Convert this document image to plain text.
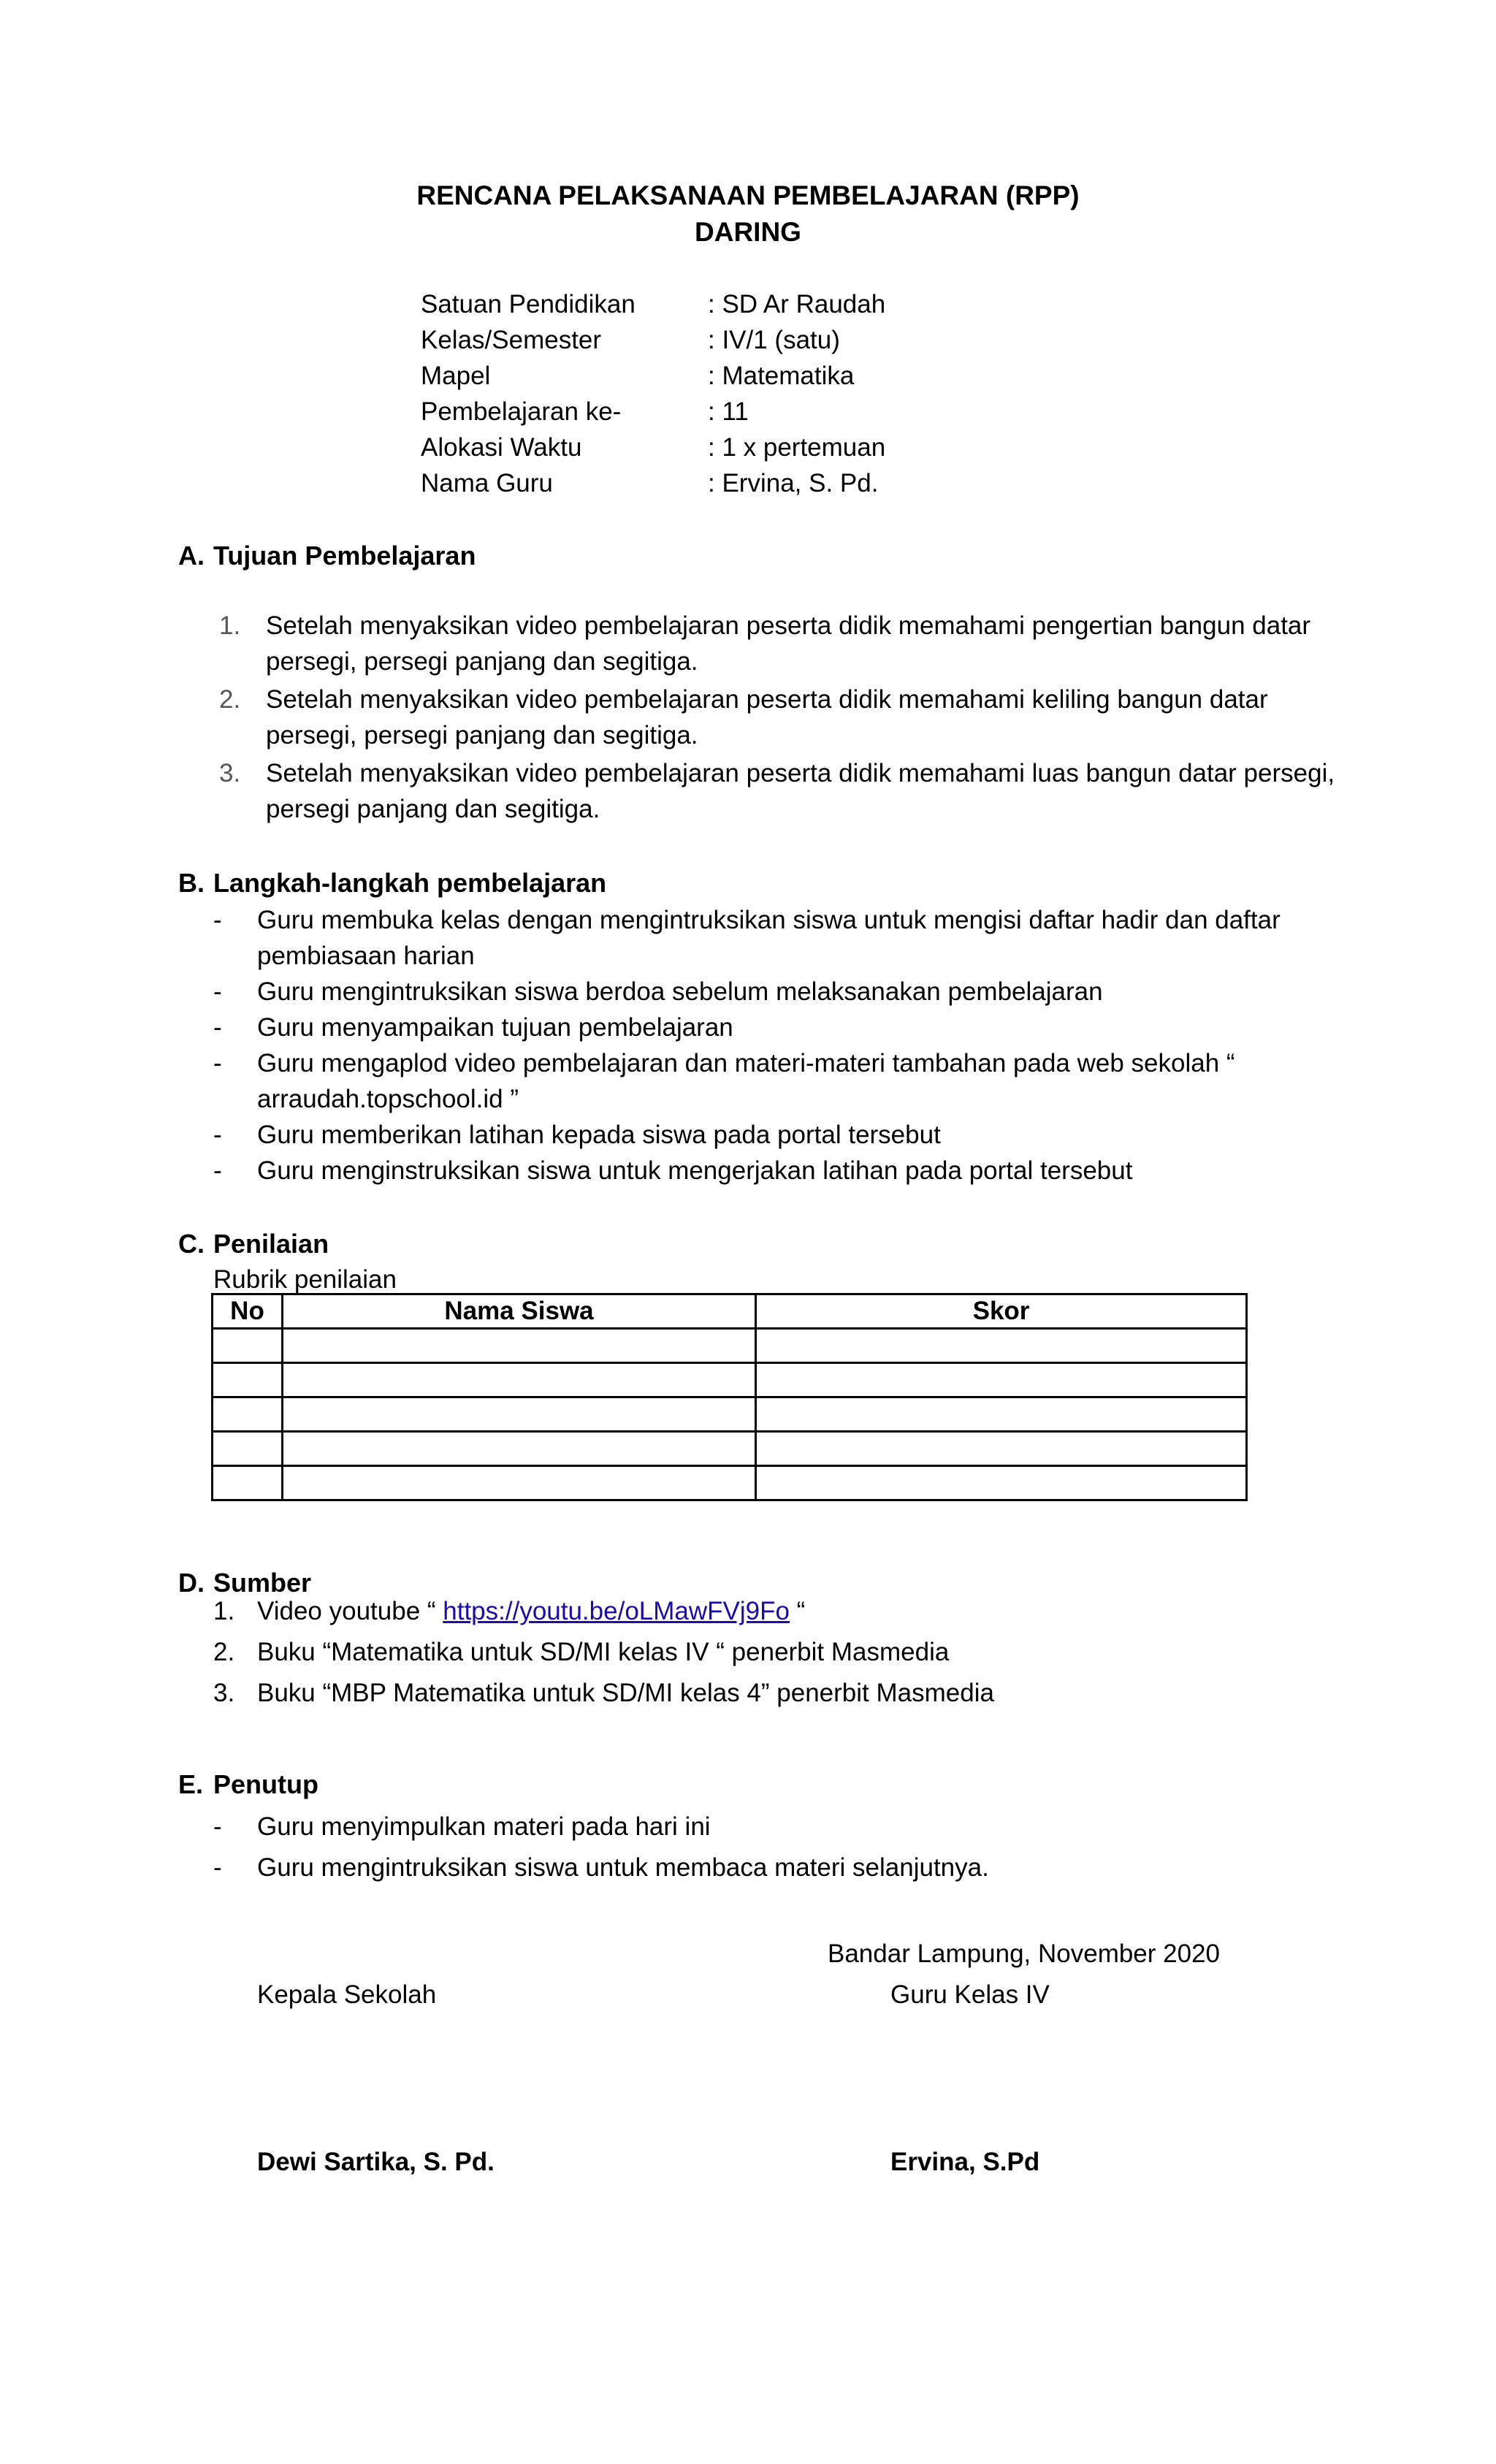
RENCANA PELAKSANAAN PEMBELAJARAN (RPP)
DARING
Satuan Pendidikan	: SD Ar Raudah
Kelas/Semester	: IV/1 (satu)
Mapel	: Matematika
Pembelajaran ke-	: 11
Alokasi Waktu	: 1 x pertemuan
Nama Guru	: Ervina, S. Pd.
A. Tujuan Pembelajaran
1. Setelah menyaksikan video pembelajaran peserta didik memahami pengertian bangun datar persegi, persegi panjang dan segitiga.
2. Setelah menyaksikan video pembelajaran peserta didik memahami keliling bangun datar persegi, persegi panjang dan segitiga.
3. Setelah menyaksikan video pembelajaran peserta didik memahami luas bangun datar persegi, persegi panjang dan segitiga.
B. Langkah-langkah pembelajaran
- Guru membuka kelas dengan mengintruksikan siswa untuk mengisi daftar hadir dan daftar pembiasaan harian
- Guru mengintruksikan siswa berdoa sebelum melaksanakan pembelajaran
- Guru menyampaikan tujuan pembelajaran
- Guru mengaplod video pembelajaran dan materi-materi tambahan pada web sekolah “ arraudah.topschool.id ”
- Guru memberikan latihan kepada siswa pada portal tersebut
- Guru menginstruksikan siswa untuk mengerjakan latihan pada portal tersebut
C. Penilaian
Rubrik penilaian
No	Nama Siswa	Skor

D. Sumber
1. Video youtube “ https://youtu.be/oLMawFVj9Fo “
2. Buku “Matematika untuk SD/MI kelas IV “ penerbit Masmedia
3. Buku “MBP Matematika untuk SD/MI kelas 4” penerbit Masmedia
E. Penutup
- Guru menyimpulkan materi pada hari ini
- Guru mengintruksikan siswa untuk membaca materi selanjutnya.
Bandar Lampung, November 2020
Kepala Sekolah	Guru Kelas IV
Dewi Sartika, S. Pd.	Ervina, S.Pd
